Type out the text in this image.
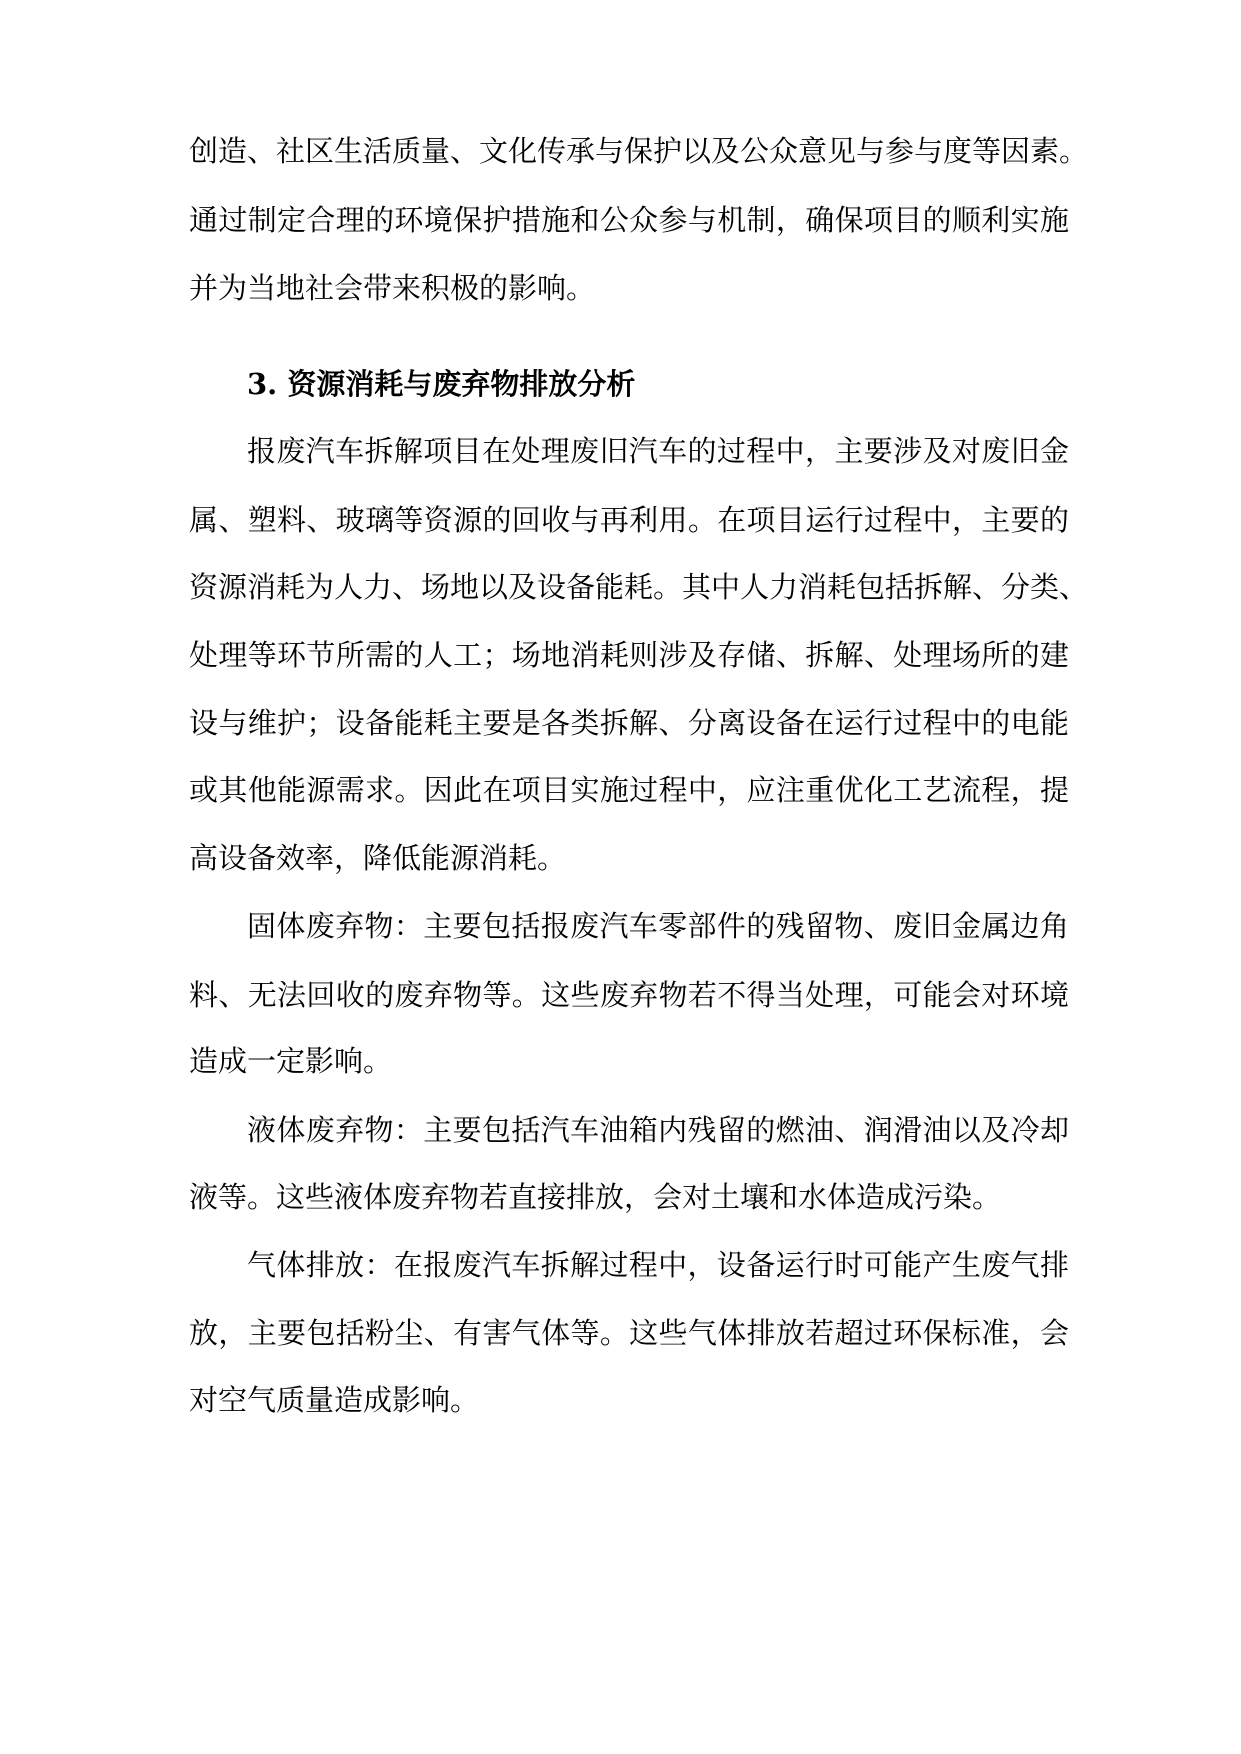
创造、社区生活质量、文化传承与保护以及公众意见与参与度等因素。
通过制定合理的环境保护措施和公众参与机制，确保项目的顺利实施
并为当地社会带来积极的影响。
3. 资源消耗与废弃物排放分析
报废汽车拆解项目在处理废旧汽车的过程中，主要涉及对废旧金
属、塑料、玻璃等资源的回收与再利用。在项目运行过程中，主要的
资源消耗为人力、场地以及设备能耗。其中人力消耗包括拆解、分类、
处理等环节所需的人工；场地消耗则涉及存储、拆解、处理场所的建
设与维护；设备能耗主要是各类拆解、分离设备在运行过程中的电能
或其他能源需求。因此在项目实施过程中，应注重优化工艺流程，提
高设备效率，降低能源消耗。
固体废弃物：主要包括报废汽车零部件的残留物、废旧金属边角
料、无法回收的废弃物等。这些废弃物若不得当处理，可能会对环境
造成一定影响。
液体废弃物：主要包括汽车油箱内残留的燃油、润滑油以及冷却
液等。这些液体废弃物若直接排放，会对土壤和水体造成污染。
气体排放：在报废汽车拆解过程中，设备运行时可能产生废气排
放，主要包括粉尘、有害气体等。这些气体排放若超过环保标准，会
对空气质量造成影响。
